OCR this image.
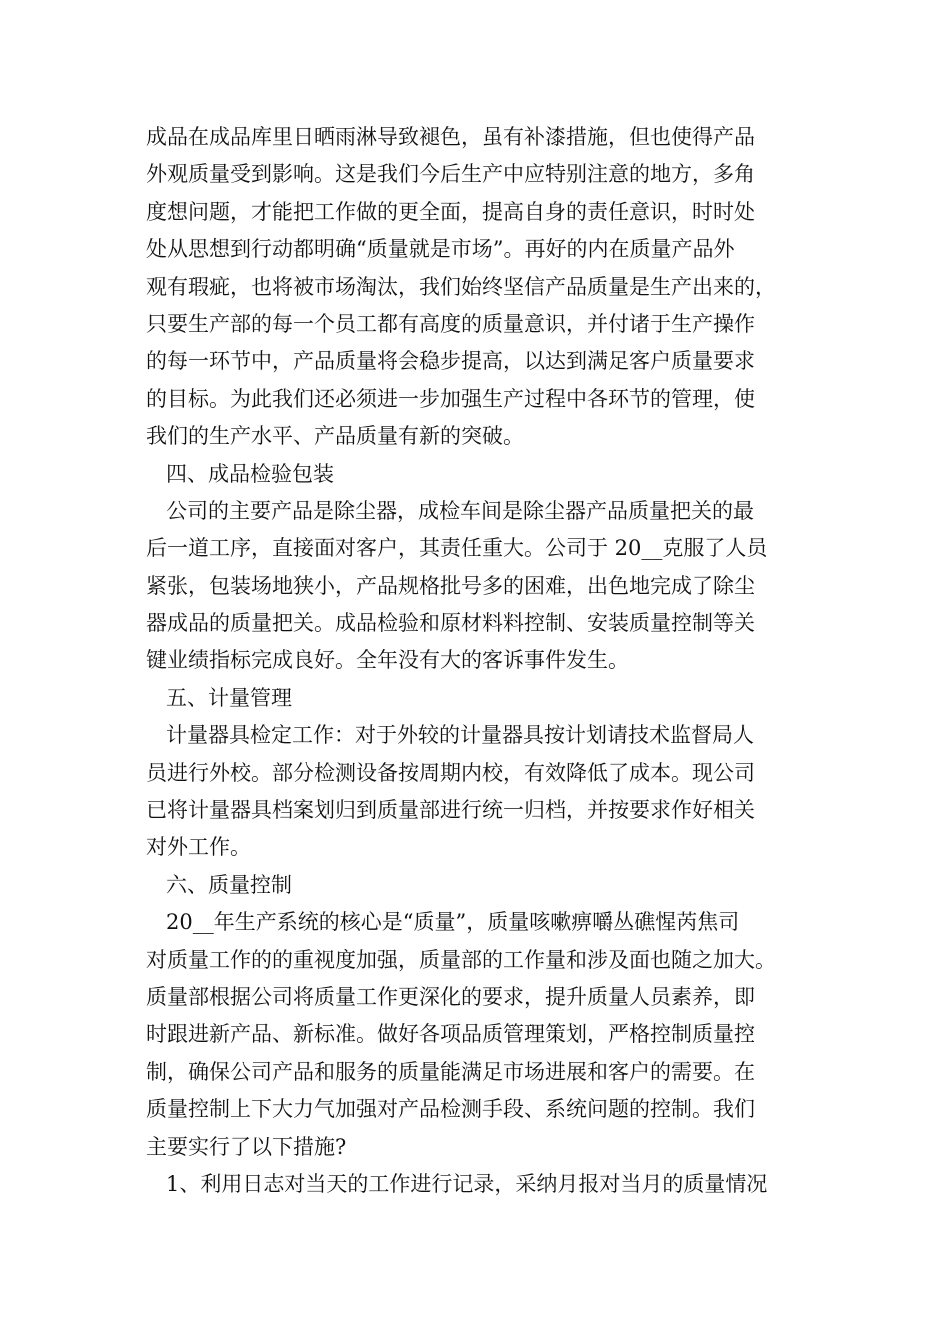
成品在成品库里日晒雨淋导致褪色，虽有补漆措施，但也使得产品
外观质量受到影响。这是我们今后生产中应特别注意的地方，多角
度想问题，才能把工作做的更全面，提高自身的责任意识，时时处
处从思想到行动都明确“质量就是市场”。再好的内在质量产品外
观有瑕疵，也将被市场淘汰，我们始终坚信产品质量是生产出来的，
只要生产部的每一个员工都有高度的质量意识，并付诸于生产操作
的每一环节中，产品质量将会稳步提高，以达到满足客户质量要求
的目标。为此我们还必须进一步加强生产过程中各环节的管理，使
我们的生产水平、产品质量有新的突破。
四、成品检验包装
公司的主要产品是除尘器，成检车间是除尘器产品质量把关的最
后一道工序，直接面对客户，其责任重大。公司于 20__克服了人员
紧张，包装场地狭小，产品规格批号多的困难，出色地完成了除尘
器成品的质量把关。成品检验和原材料料控制、安装质量控制等关
键业绩指标完成良好。全年没有大的客诉事件发生。
五、计量管理
计量器具检定工作：对于外较的计量器具按计划请技术监督局人
员进行外校。部分检测设备按周期内校，有效降低了成本。现公司
已将计量器具档案划归到质量部进行统一归档，并按要求作好相关
对外工作。
六、质量控制
20__年生产系统的核心是“质量”，质量咳嗽痹嚼丛礁惺芮焦司
对质量工作的的重视度加强，质量部的工作量和涉及面也随之加大。
质量部根据公司将质量工作更深化的要求，提升质量人员素养，即
时跟进新产品、新标准。做好各项品质管理策划，严格控制质量控
制，确保公司产品和服务的质量能满足市场进展和客户的需要。在
质量控制上下大力气加强对产品检测手段、系统问题的控制。我们
主要实行了以下措施?
1、利用日志对当天的工作进行记录，采纳月报对当月的质量情况
